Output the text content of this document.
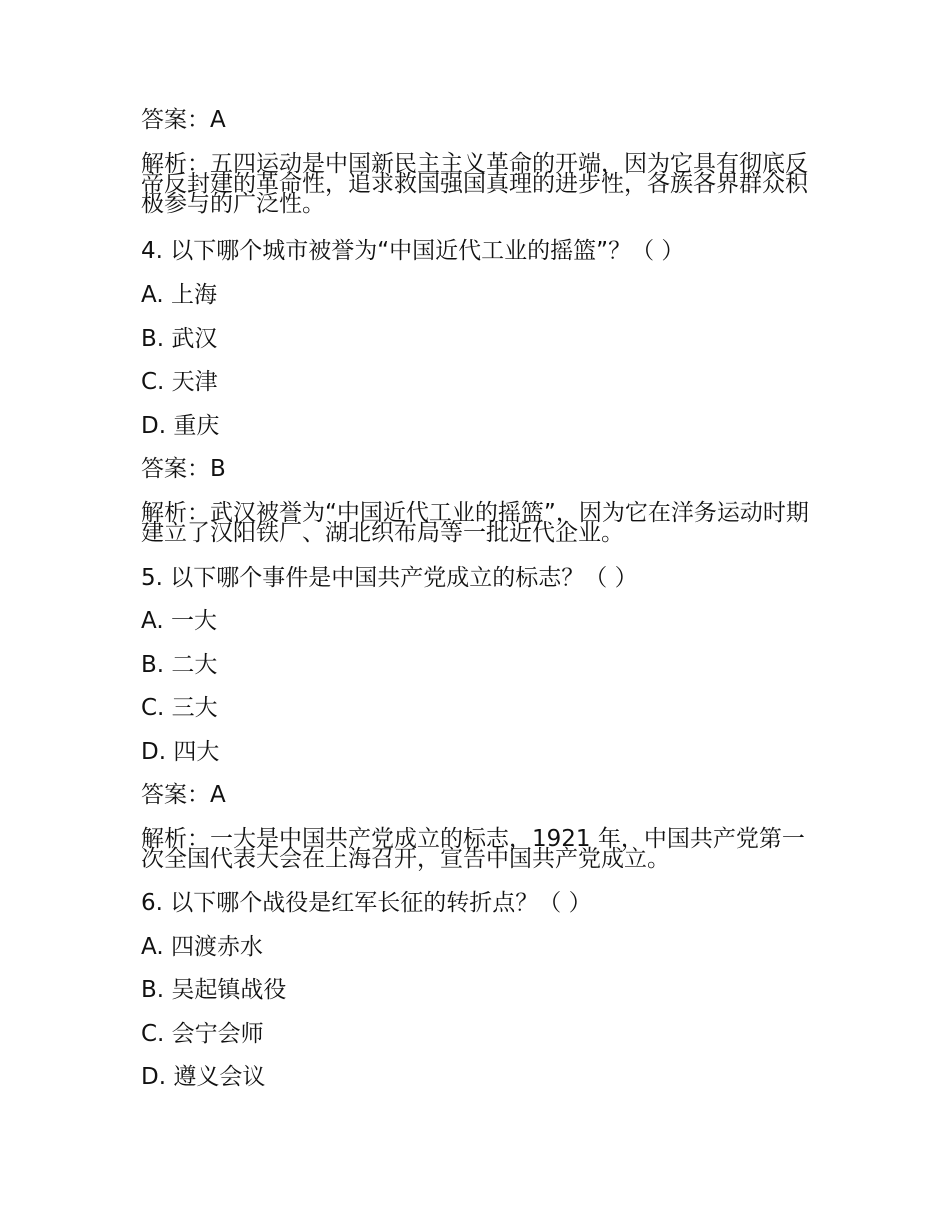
答案：A
解析：五四运动是中国新民主主义革命的开端，因为它具有彻底反帝反封建的革命性，追求救国强国真理的进步性，各族各界群众积极参与的广泛性。
4. 以下哪个城市被誉为“中国近代工业的摇篮”？（ ）
A. 上海
B. 武汉
C. 天津
D. 重庆
答案：B
解析：武汉被誉为“中国近代工业的摇篮”，因为它在洋务运动时期建立了汉阳铁厂、湖北织布局等一批近代企业。
5. 以下哪个事件是中国共产党成立的标志？（ ）
A. 一大
B. 二大
C. 三大
D. 四大
答案：A
解析：一大是中国共产党成立的标志，1921 年，中国共产党第一次全国代表大会在上海召开，宣告中国共产党成立。
6. 以下哪个战役是红军长征的转折点？（ ）
A. 四渡赤水
B. 吴起镇战役
C. 会宁会师
D. 遵义会议
